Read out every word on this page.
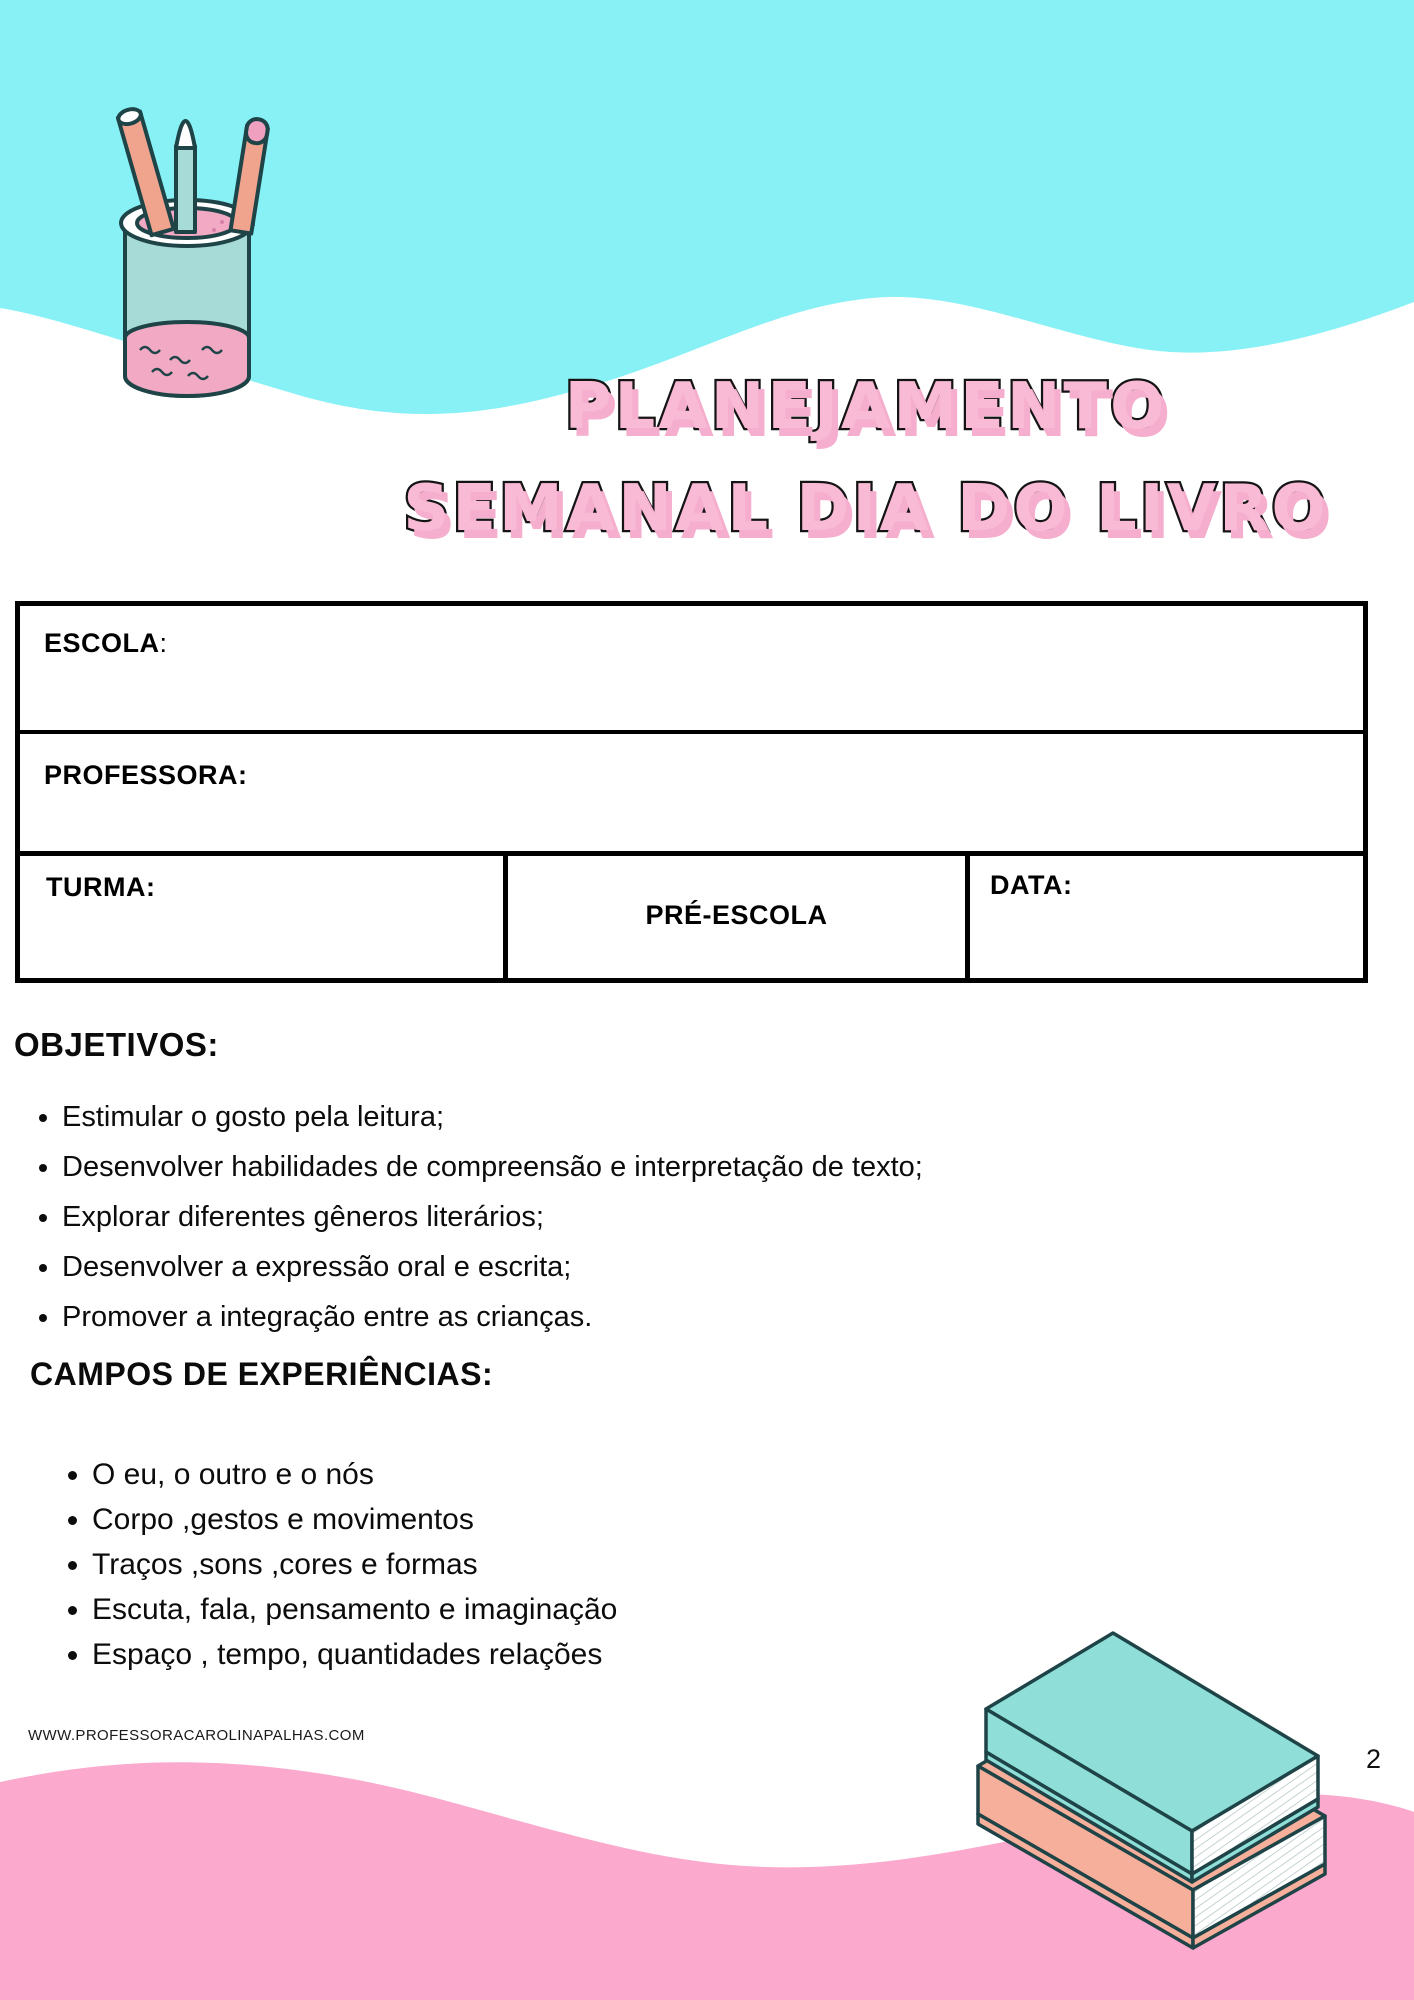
PLANEJAMENTO
SEMANAL DIA DO LIVRO
ESCOLA:
PROFESSORA:
TURMA:
PRÉ-ESCOLA
DATA:
OBJETIVOS:
• Estimular o gosto pela leitura;
• Desenvolver habilidades de compreensão e interpretação de texto;
• Explorar diferentes gêneros literários;
• Desenvolver a expressão oral e escrita;
• Promover a integração entre as crianças.
CAMPOS DE EXPERIÊNCIAS:
• O eu, o outro e o nós
• Corpo ,gestos e movimentos
• Traços ,sons ,cores e formas
• Escuta, fala, pensamento e imaginação
• Espaço , tempo, quantidades relações
WWW.PROFESSORACAROLINAPALHAS.COM
2
